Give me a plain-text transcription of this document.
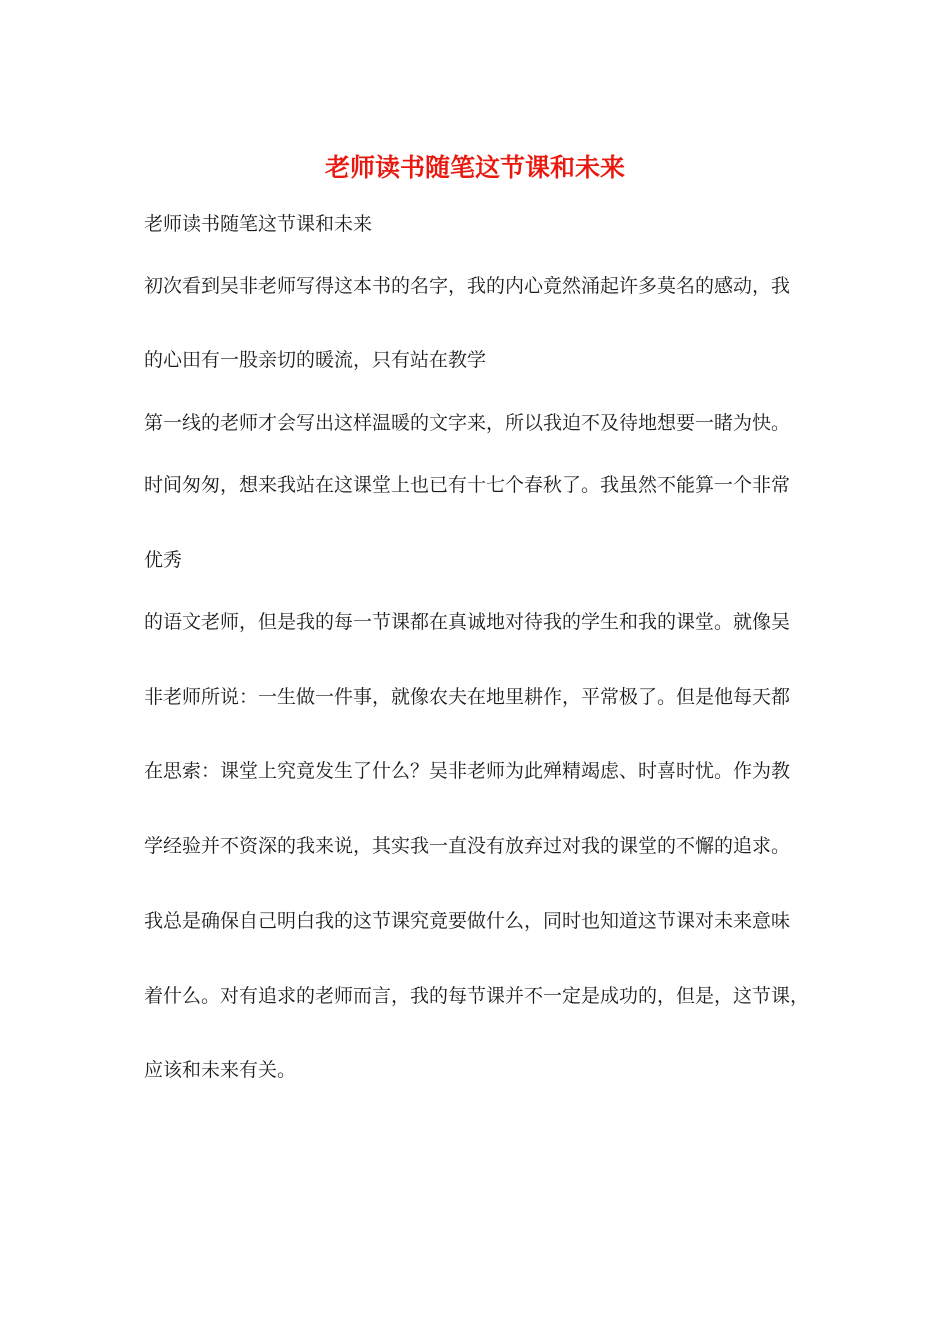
老师读书随笔这节课和未来

老师读书随笔这节课和未来

初次看到吴非老师写得这本书的名字，我的内心竟然涌起许多莫名的感动，我

的心田有一股亲切的暖流，只有站在教学

第一线的老师才会写出这样温暖的文字来，所以我迫不及待地想要一睹为快。

时间匆匆，想来我站在这课堂上也已有十七个春秋了。我虽然不能算一个非常

优秀

的语文老师，但是我的每一节课都在真诚地对待我的学生和我的课堂。就像吴

非老师所说：一生做一件事，就像农夫在地里耕作，平常极了。但是他每天都

在思索：课堂上究竟发生了什么？吴非老师为此殚精竭虑、时喜时忧。作为教

学经验并不资深的我来说，其实我一直没有放弃过对我的课堂的不懈的追求。

我总是确保自己明白我的这节课究竟要做什么，同时也知道这节课对未来意味

着什么。对有追求的老师而言，我的每节课并不一定是成功的，但是，这节课，

应该和未来有关。
